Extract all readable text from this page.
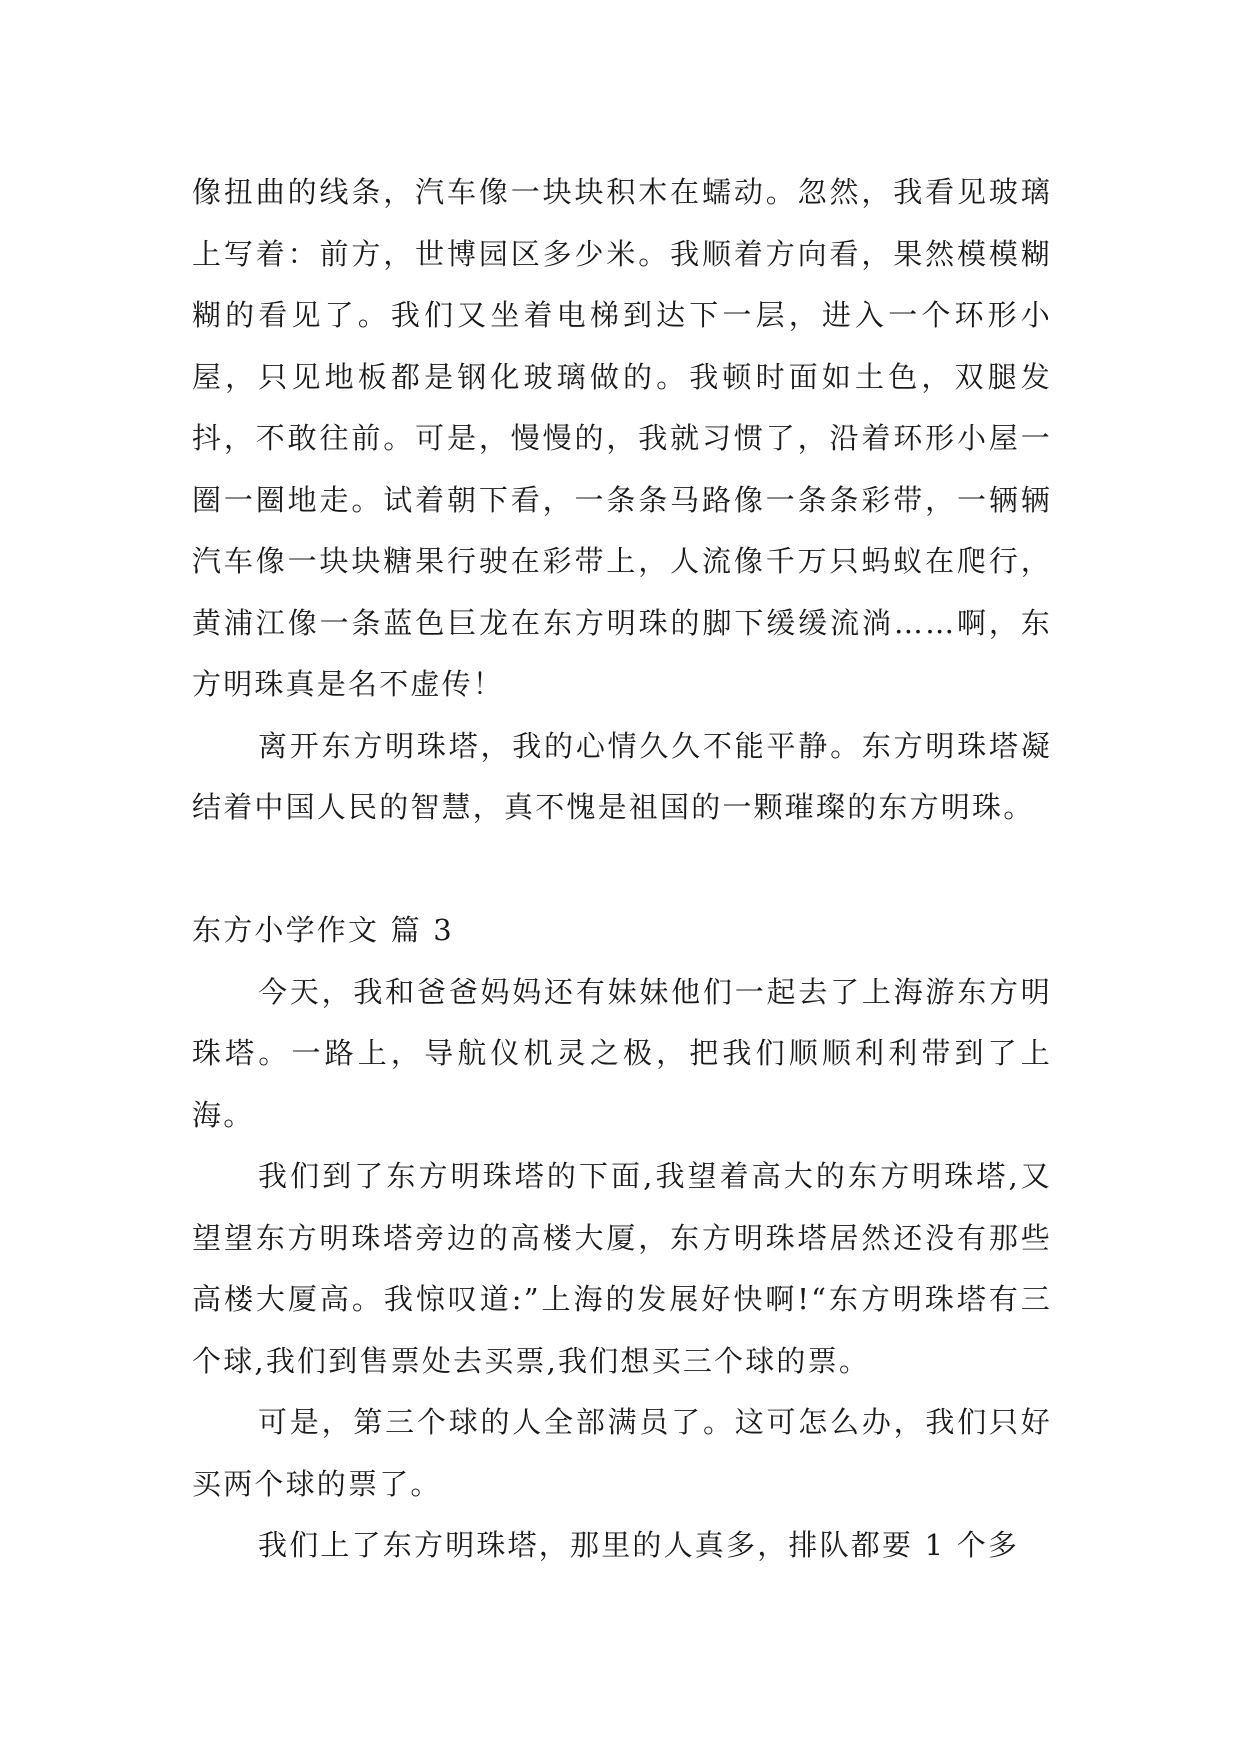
像扭曲的线条，汽车像一块块积木在蠕动。忽然，我看见玻璃上写着：前方，世博园区多少米。我顺着方向看，果然模模糊糊的看见了。我们又坐着电梯到达下一层，进入一个环形小屋，只见地板都是钢化玻璃做的。我顿时面如土色，双腿发抖，不敢往前。可是，慢慢的，我就习惯了，沿着环形小屋一圈一圈地走。试着朝下看，一条条马路像一条条彩带，一辆辆汽车像一块块糖果行驶在彩带上，人流像千万只蚂蚁在爬行，黄浦江像一条蓝色巨龙在东方明珠的脚下缓缓流淌……啊，东方明珠真是名不虚传！

离开东方明珠塔，我的心情久久不能平静。东方明珠塔凝结着中国人民的智慧，真不愧是祖国的一颗璀璨的东方明珠。

东方小学作文 篇 3

今天，我和爸爸妈妈还有妹妹他们一起去了上海游东方明珠塔。一路上，导航仪机灵之极，把我们顺顺利利带到了上海。

我们到了东方明珠塔的下面,我望着高大的东方明珠塔,又望望东方明珠塔旁边的高楼大厦，东方明珠塔居然还没有那些高楼大厦高。我惊叹道:”上海的发展好快啊!“东方明珠塔有三个球,我们到售票处去买票,我们想买三个球的票。

可是，第三个球的人全部满员了。这可怎么办，我们只好买两个球的票了。

我们上了东方明珠塔，那里的人真多，排队都要 1 个多
